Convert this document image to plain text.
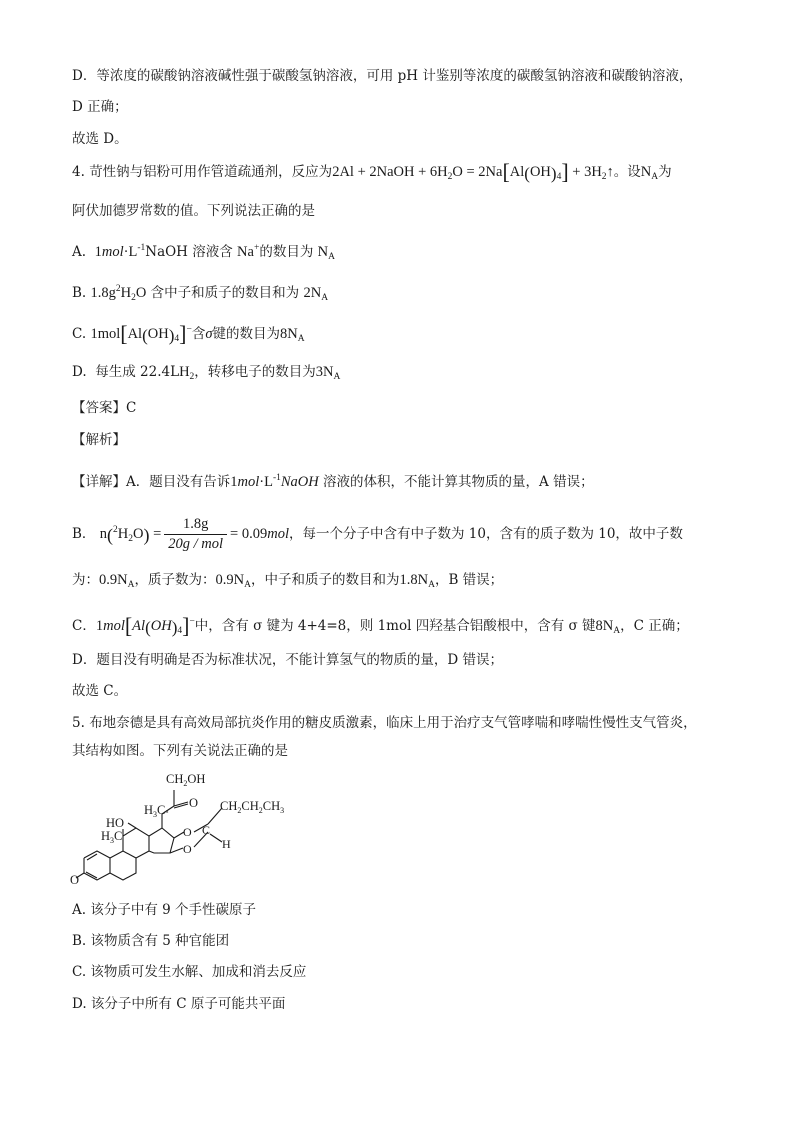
D．等浓度的碳酸钠溶液碱性强于碳酸氢钠溶液，可用 pH 计鉴别等浓度的碳酸氢钠溶液和碳酸钠溶液，
D 正确；
故选 D。
4. 苛性钠与铝粉可用作管道疏通剂，反应为2Al + 2NaOH + $6H_2O = 2Na[Al(OH)_4]$ + $3H_2↑$。设$N_A$为
阿伏加德罗常数的值。下列说法正确的是
A. $1mol\cdot L^{-1}NaOH$ 溶液含 Na+的数目为 $N_A$
B. $1.8g^2H_2O$ 含中子和质子的数目和为 $2N_A$
C. $1mol[Al(OH)_4]^-$含σ键的数目为$8N_A$
D. 每生成 $22.4LH_2$，转移电子的数目为$3N_A$
【答案】C
【解析】
【详解】A．题目没有告诉$1mol\cdot L^{-1}NaOH$ 溶液的体积，不能计算其物质的量，A 错误；
B． $n(^2H_2O) = \frac{1.8g}{\text{20g / mol}} = 0.09mol$，每一个分子中含有中子数为 10，含有的质子数为 10，故中子数
为：$0.9N_A$，质子数为：$0.9N_A$，中子和质子的数目和为$1.8N_A$，B 错误；
C．$1mol[Al(OH)_4]^-$中，含有 σ 键为 4+4=8，则 1mol 四羟基合铝酸根中，含有 σ 键$8N_A$，C 正确；
D．题目没有明确是否为标准状况，不能计算氢气的物质的量，D 错误；
故选 C。
5. 布地奈德是具有高效局部抗炎作用的糖皮质激素，临床上用于治疗支气管哮喘和哮喘性慢性支气管炎，
其结构如图。下列有关说法正确的是
$CH_2OH$
O
$H_3C$ s	$CH_2CH_2CH_3$
HO
$H_3C$	O
O
C
H
O
A. 该分子中有 9 个手性碳原子
B. 该物质含有 5 种官能团
C. 该物质可发生水解、加成和消去反应
D. 该分子中所有 C 原子可能共平面
